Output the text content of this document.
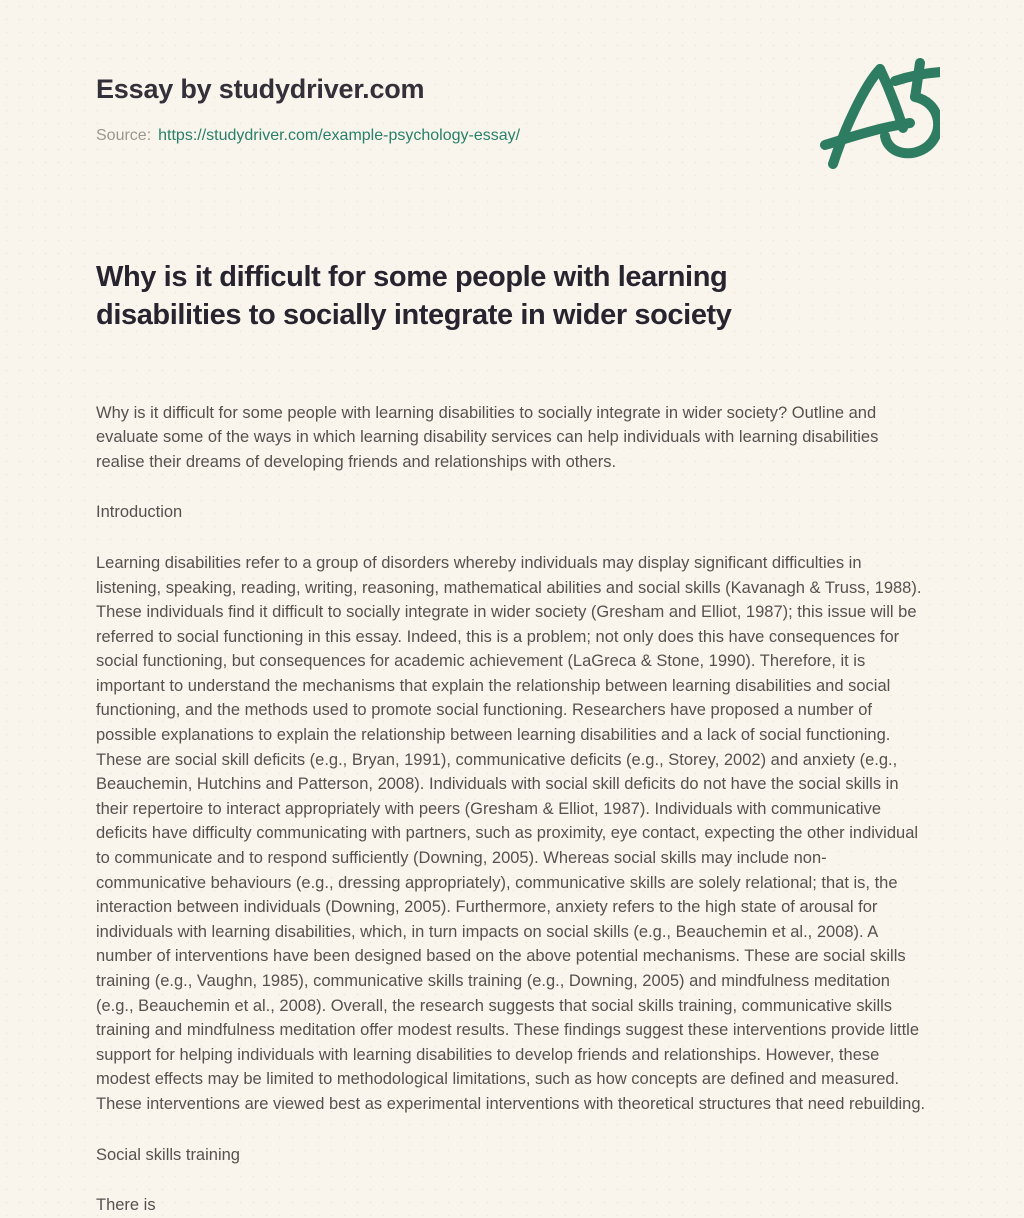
Essay by studydriver.com
Source: https://studydriver.com/example-psychology-essay/
Why is it difficult for some people with learning disabilities to socially integrate in wider society

Why is it difficult for some people with learning disabilities to socially integrate in wider society? Outline and evaluate some of the ways in which learning disability services can help individuals with learning disabilities realise their dreams of developing friends and relationships with others.

Introduction

Learning disabilities refer to a group of disorders whereby individuals may display significant difficulties in listening, speaking, reading, writing, reasoning, mathematical abilities and social skills (Kavanagh & Truss, 1988). These individuals find it difficult to socially integrate in wider society (Gresham and Elliot, 1987); this issue will be referred to social functioning in this essay. Indeed, this is a problem; not only does this have consequences for social functioning, but consequences for academic achievement (LaGreca & Stone, 1990). Therefore, it is important to understand the mechanisms that explain the relationship between learning disabilities and social functioning, and the methods used to promote social functioning. Researchers have proposed a number of possible explanations to explain the relationship between learning disabilities and a lack of social functioning. These are social skill deficits (e.g., Bryan, 1991), communicative deficits (e.g., Storey, 2002) and anxiety (e.g., Beauchemin, Hutchins and Patterson, 2008). Individuals with social skill deficits do not have the social skills in their repertoire to interact appropriately with peers (Gresham & Elliot, 1987). Individuals with communicative deficits have difficulty communicating with partners, such as proximity, eye contact, expecting the other individual to communicate and to respond sufficiently (Downing, 2005). Whereas social skills may include non-communicative behaviours (e.g., dressing appropriately), communicative skills are solely relational; that is, the interaction between individuals (Downing, 2005). Furthermore, anxiety refers to the high state of arousal for individuals with learning disabilities, which, in turn impacts on social skills (e.g., Beauchemin et al., 2008). A number of interventions have been designed based on the above potential mechanisms. These are social skills training (e.g., Vaughn, 1985), communicative skills training (e.g., Downing, 2005) and mindfulness meditation (e.g., Beauchemin et al., 2008). Overall, the research suggests that social skills training, communicative skills training and mindfulness meditation offer modest results. These findings suggest these interventions provide little support for helping individuals with learning disabilities to develop friends and relationships. However, these modest effects may be limited to methodological limitations, such as how concepts are defined and measured. These interventions are viewed best as experimental interventions with theoretical structures that need rebuilding.

Social skills training

There is
